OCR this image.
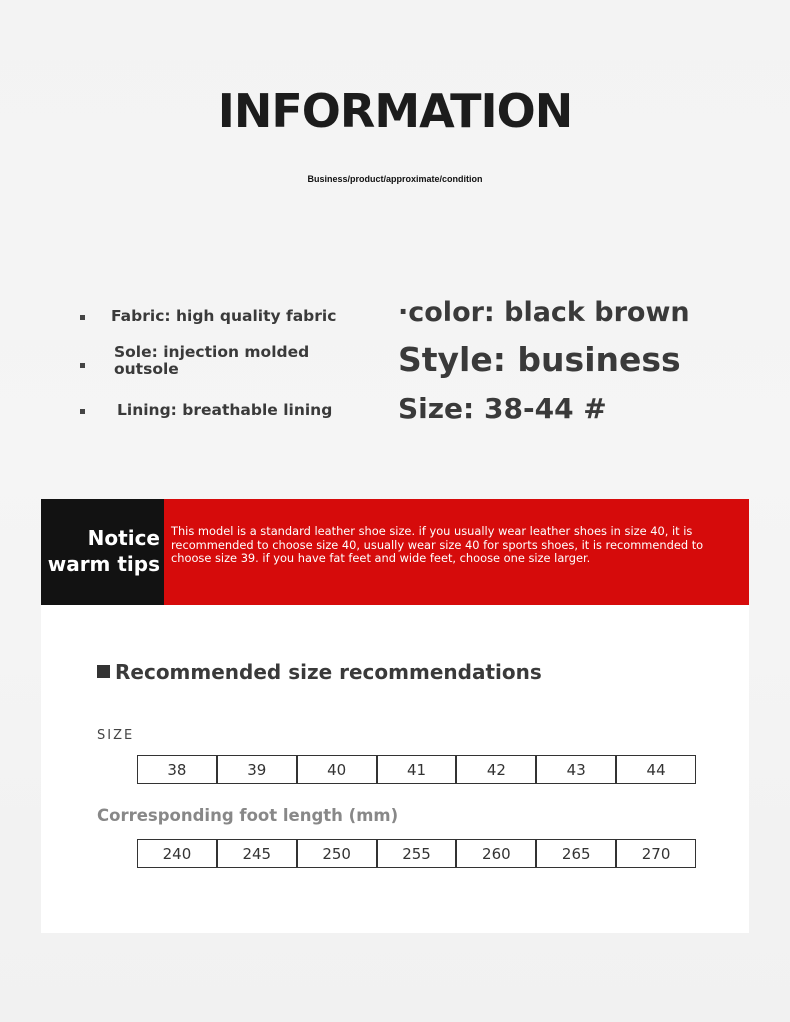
INFORMATION
Business/product/approximate/condition
Fabric: high quality fabric
Sole: injection molded outsole
Lining: breathable lining
·color: black brown
Style: business
Size: 38-44 #
Notice
warm tips
This model is a standard leather shoe size. if you usually wear leather shoes in size 40, it is recommended to choose size 40, usually wear size 40 for sports shoes, it is recommended to choose size 39. if you have fat feet and wide feet, choose one size larger.
Recommended size recommendations
SIZE
38	39	40	41	42	43	44
Corresponding foot length (mm)
240	245	250	255	260	265	270
